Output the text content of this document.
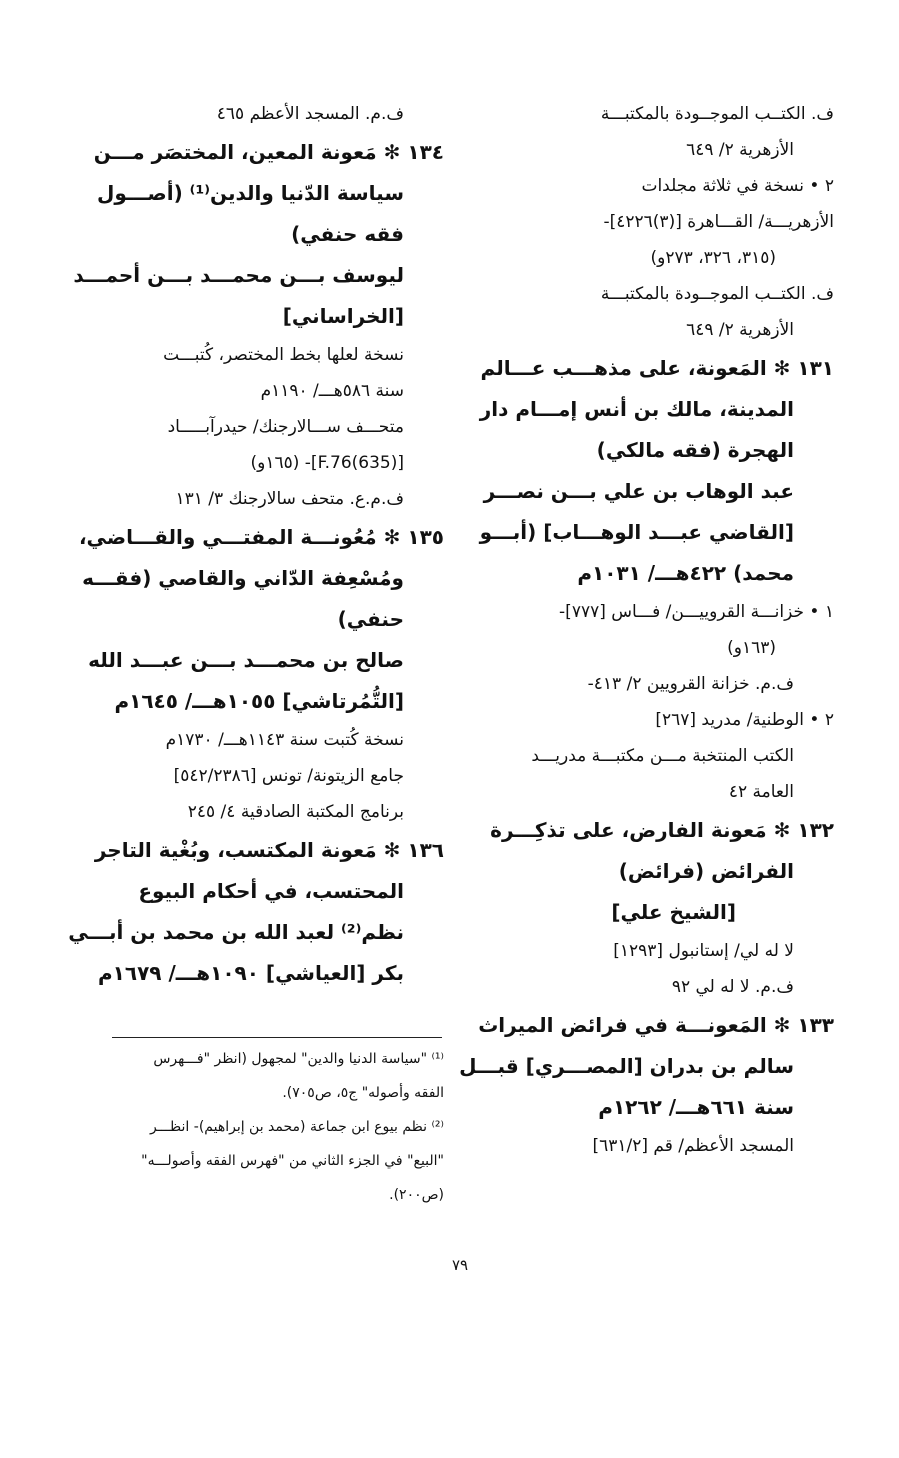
ف. الكتــب الموجــودة بالمكتبـــة
الأزهرية ٢/ ٦٤٩
٢ • نسخة في ثلاثة مجلدات
الأزهريـــة/ القـــاهرة [(٣)٤٢٢٦]-
(٣١٥، ٣٢٦، ٢٧٣و)
ف. الكتــب الموجــودة بالمكتبـــة
الأزهرية ٢/ ٦٤٩
١٣١ ✻ المَعونة، على مذهـــب عـــالم
المدينة، مالك بن أنس إمـــام دار
الهجرة (فقه مالكي)
عبد الوهاب بن علي بـــن نصـــر
[القاضي عبـــد الوهـــاب] (أبـــو
محمد) ٤٢٢هـــ/ ١٠٣١م
١ • خزانـــة القروييـــن/ فـــاس [٧٧٧]-
(١٦٣و)
ف.م. خزانة القرويين ٢/ ٤١٣-
٢ • الوطنية/ مدريد [٢٦٧]
الكتب المنتخبة مـــن مكتبـــة مدريـــد
العامة ٤٢
١٣٢ ✻ مَعونة الفارض، على تذكِـــرة
الفرائض (فرائض)
[الشيخ علي]
لا له لي/ إستانبول [١٢٩٣]
ف.م. لا له لي ٩٢
١٣٣ ✻ المَعونـــة في فرائض الميراث
سالم بن بدران [المصـــري] قبـــل
سنة ٦٦١هـــ/ ١٢٦٢م
المسجد الأعظم/ قم [٦٣١/٢]
ف.م. المسجد الأعظم ٤٦٥
١٣٤ ✻ مَعونة المعين، المختصَر مـــن
سياسة الدّنيا والدين⁽¹⁾ (أصـــول
فقه حنفي)
ليوسف بـــن محمـــد بـــن أحمـــد
[الخراساني]
نسخة لعلها بخط المختصر، كُتبـــت
سنة ٥٨٦هـــ/ ١١٩٠م
متحـــف ســـالارجنك/ حيدرآبـــــاد
[F.76(635)]- (١٦٥و)
ف.م.ع. متحف سالارجنك ٣/ ١٣١
١٣٥ ✻ مُعُونـــة المفتـــي والقـــاضي،
ومُسْعِفة الدّاني والقاصي (فقـــه
حنفي)
صالح بن محمـــد بـــن عبـــد الله
[التُّمُرتاشي] ١٠٥٥هـــ/ ١٦٤٥م
نسخة كُتبت سنة ١١٤٣هـــ/ ١٧٣٠م
جامع الزيتونة/ تونس [٥٤٢/٢٣٨٦]
برنامج المكتبة الصادقية ٤/ ٢٤٥
١٣٦ ✻ مَعونة المكتسب، وبُغْية التاجر
المحتسب، في أحكام البيوع
نظم⁽²⁾ لعبد الله بن محمد بن أبـــي
بكر [العياشي] ١٠٩٠هـــ/ ١٦٧٩م
⁽¹⁾ "سياسة الدنيا والدين" لمجهول (انظر "فـــهرس
الفقه وأصوله" ج٥، ص٧٠٥).
⁽²⁾ نظم بيوع ابن جماعة (محمد بن إبراهيم)- انظـــر
"البيع" في الجزء الثاني من "فهرس الفقه وأصولـــه"
(ص٢٠٠).
٧٩
